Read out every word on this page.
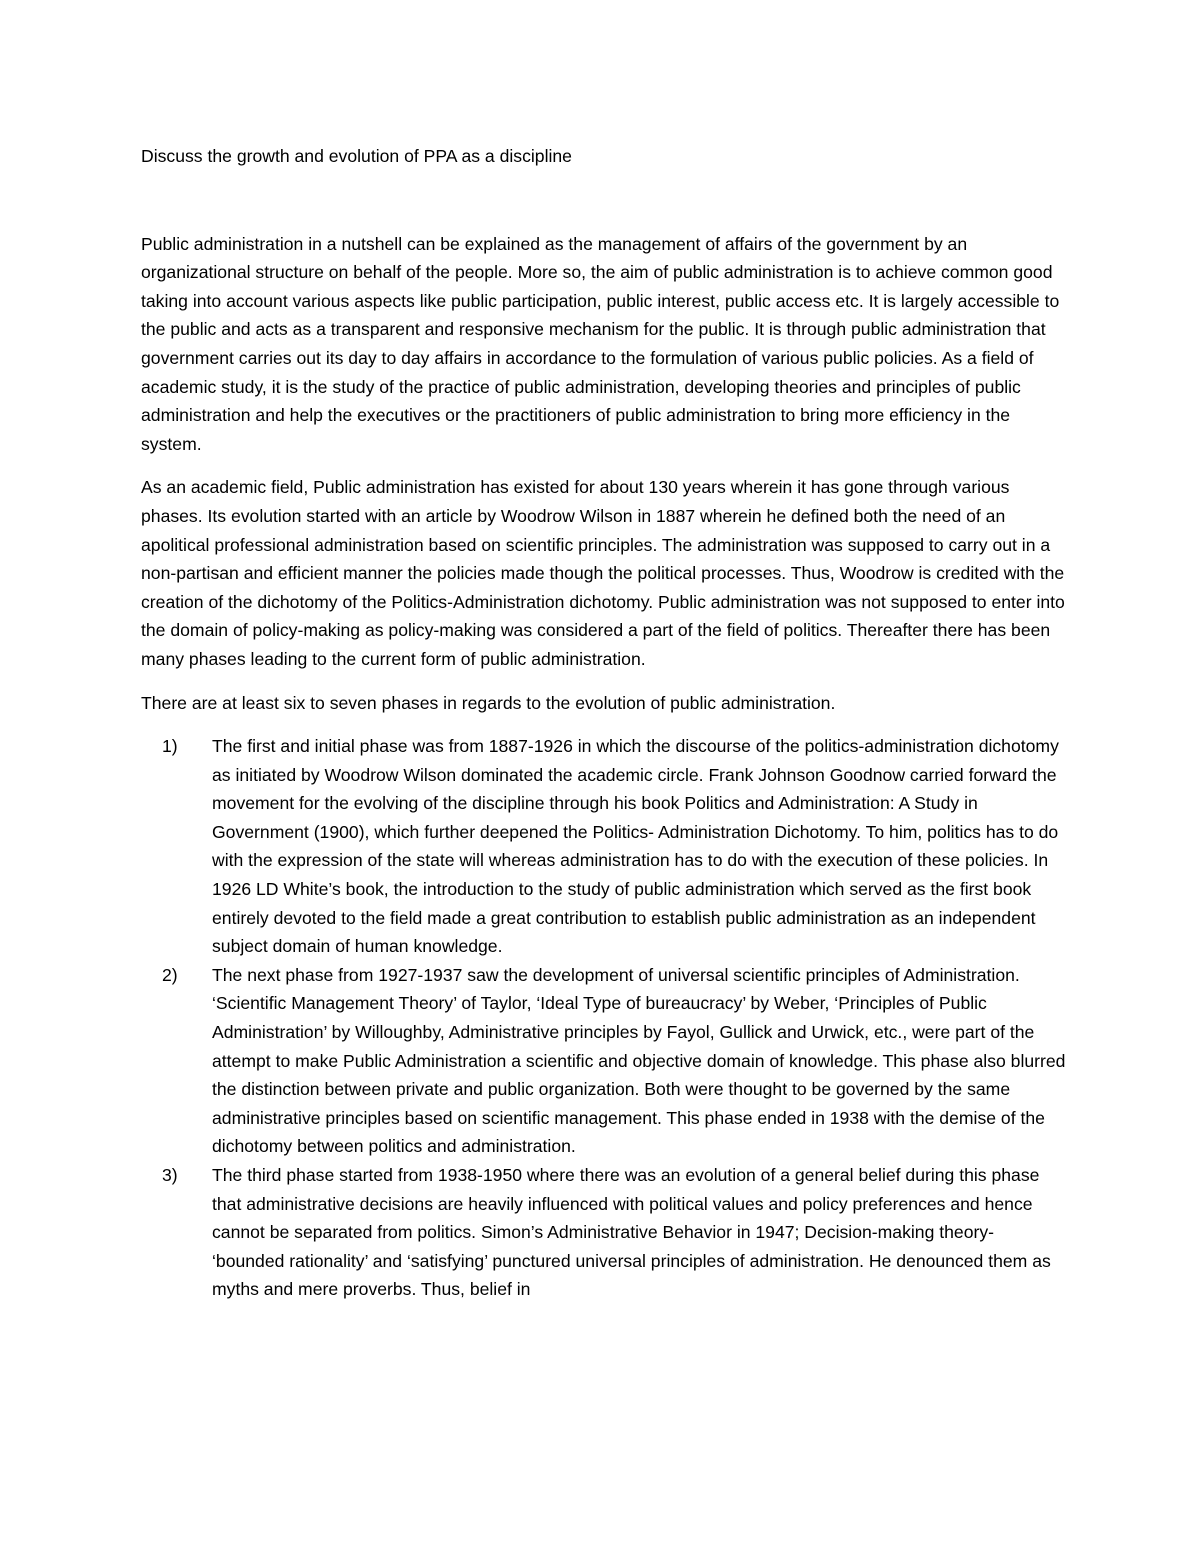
Discuss the growth and evolution of PPA as a discipline

Public administration in a nutshell can be explained as the management of affairs of the government by an organizational structure on behalf of the people. More so, the aim of public administration is to achieve common good taking into account various aspects like public participation, public interest, public access etc. It is largely accessible to the public and acts as a transparent and responsive mechanism for the public. It is through public administration that government carries out its day to day affairs in accordance to the formulation of various public policies. As a field of academic study, it is the study of the practice of public administration, developing theories and principles of public administration and help the executives or the practitioners of public administration to bring more efficiency in the system.

As an academic field, Public administration has existed for about 130 years wherein it has gone through various phases. Its evolution started with an article by Woodrow Wilson in 1887 wherein he defined both the need of an apolitical professional administration based on scientific principles. The administration was supposed to carry out in a non-partisan and efficient manner the policies made though the political processes. Thus, Woodrow is credited with the creation of the dichotomy of the Politics-Administration dichotomy. Public administration was not supposed to enter into the domain of policy-making as policy-making was considered a part of the field of politics. Thereafter there has been many phases leading to the current form of public administration.

There are at least six to seven phases in regards to the evolution of public administration.

1) The first and initial phase was from 1887-1926 in which the discourse of the politics-administration dichotomy as initiated by Woodrow Wilson dominated the academic circle. Frank Johnson Goodnow carried forward the movement for the evolving of the discipline through his book Politics and Administration: A Study in Government (1900), which further deepened the Politics- Administration Dichotomy. To him, politics has to do with the expression of the state will whereas administration has to do with the execution of these policies. In 1926 LD White’s book, the introduction to the study of public administration which served as the first book entirely devoted to the field made a great contribution to establish public administration as an independent subject domain of human knowledge.
2) The next phase from 1927-1937 saw the development of universal scientific principles of Administration. ‘Scientific Management Theory’ of Taylor, ‘Ideal Type of bureaucracy’ by Weber, ‘Principles of Public Administration’ by Willoughby, Administrative principles by Fayol, Gullick and Urwick, etc., were part of the attempt to make Public Administration a scientific and objective domain of knowledge. This phase also blurred the distinction between private and public organization. Both were thought to be governed by the same administrative principles based on scientific management. This phase ended in 1938 with the demise of the dichotomy between politics and administration.
3) The third phase started from 1938-1950 where there was an evolution of a general belief during this phase that administrative decisions are heavily influenced with political values and policy preferences and hence cannot be separated from politics. Simon’s Administrative Behavior in 1947; Decision-making theory- ‘bounded rationality’ and ‘satisfying’ punctured universal principles of administration. He denounced them as myths and mere proverbs. Thus, belief in
